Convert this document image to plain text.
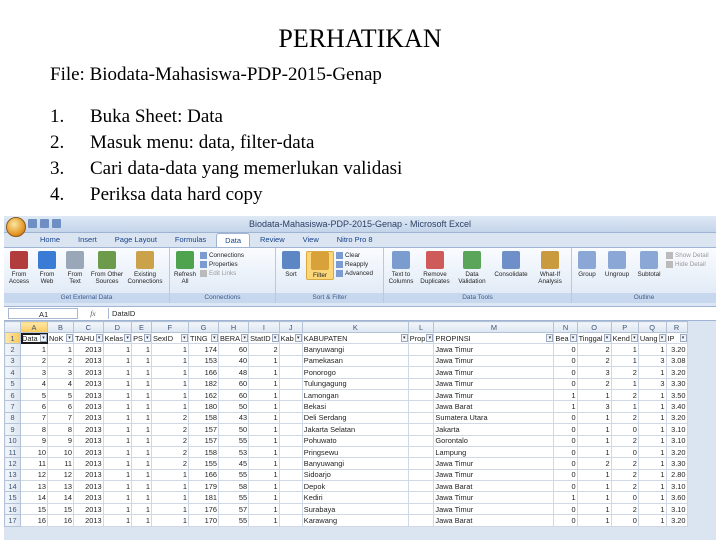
PERHATIKAN
File: Biodata-Mahasiswa-PDP-2015-Genap
1.	Buka Sheet: Data
2.	Masuk menu: data, filter-data
3.	Cari data-data yang memerlukan validasi
4.	Periksa data hard copy
Biodata-Mahasiswa-PDP-2015-Genap - Microsoft Excel
Home	Insert	Page Layout	Formulas	Data	Review	View	Nitro Pro 8
From Access
From Web
From Text
From Other Sources
Existing Connections
Get External Data
Refresh All
Connections
Properties
Edit Links
Connections
Sort	Filter
Clear
Reapply
Advanced
Sort & Filter
Text to Columns
Remove Duplicates
Data Validation
Consolidate	What-If Analysis
Data Tools
Group Ungroup Subtotal
Show Detail
Hide Detail
Outline
A1	fx	DataID
	A	B	C	D	E	F	G	H	I	J	K	L	M	N	O	P	Q	R
1	Data ▾	NoK ▾	TAHU ▾	Kelas ▾	PS ▾	SexID ▾	TING ▾	BERA ▾	StatID ▾	Kab ▾	KABUPATEN ▾	Prop ▾	PROPINSI ▾	Bea ▾	Tinggal ▾	Kend ▾	Uang ▾	IP ▾

2	1	1	2013	1	1	1	174	60	2		Banyuwangi		Jawa Timur	0	2	1	1	3.20
3	2	2	2013	1	1	1	153	40	1		Pamekasan		Jawa Timur	0	2	1	3	3.08
4	3	3	2013	1	1	1	166	48	1		Ponorogo		Jawa Timur	0	3	2	1	3.20
5	4	4	2013	1	1	1	182	60	1		Tulungagung		Jawa Timur	0	2	1	3	3.30
6	5	5	2013	1	1	1	162	60	1		Lamongan		Jawa Timur	1	1	2	1	3.50
7	6	6	2013	1	1	1	180	50	1		Bekasi		Jawa Barat	1	3	1	1	3.40
8	7	7	2013	1	1	2	158	43	1		Deli Serdang		Sumatera Utara	0	1	2	1	3.20
9	8	8	2013	1	1	2	157	50	1		Jakarta Selatan		Jakarta	0	1	0	1	3.10
10	9	9	2013	1	1	2	157	55	1		Pohuwato		Gorontalo	0	1	2	1	3.10
11	10	10	2013	1	1	2	158	53	1		Pringsewu		Lampung	0	1	0	1	3.20
12	11	11	2013	1	1	2	155	45	1		Banyuwangi		Jawa Timur	0	2	2	1	3.30
13	12	12	2013	1	1	1	166	55	1		Sidoarjo		Jawa Timur	0	1	2	1	2.80
14	13	13	2013	1	1	1	179	58	1		Depok		Jawa Barat	0	1	2	1	3.10
15	14	14	2013	1	1	1	181	55	1		Kediri		Jawa Timur	1	1	0	1	3.60
16	15	15	2013	1	1	1	176	57	1		Surabaya		Jawa Timur	0	1	2	1	3.10
17	16	16	2013	1	1	1	170	55	1		Karawang		Jawa Barat	0	1	0	1	3.20
